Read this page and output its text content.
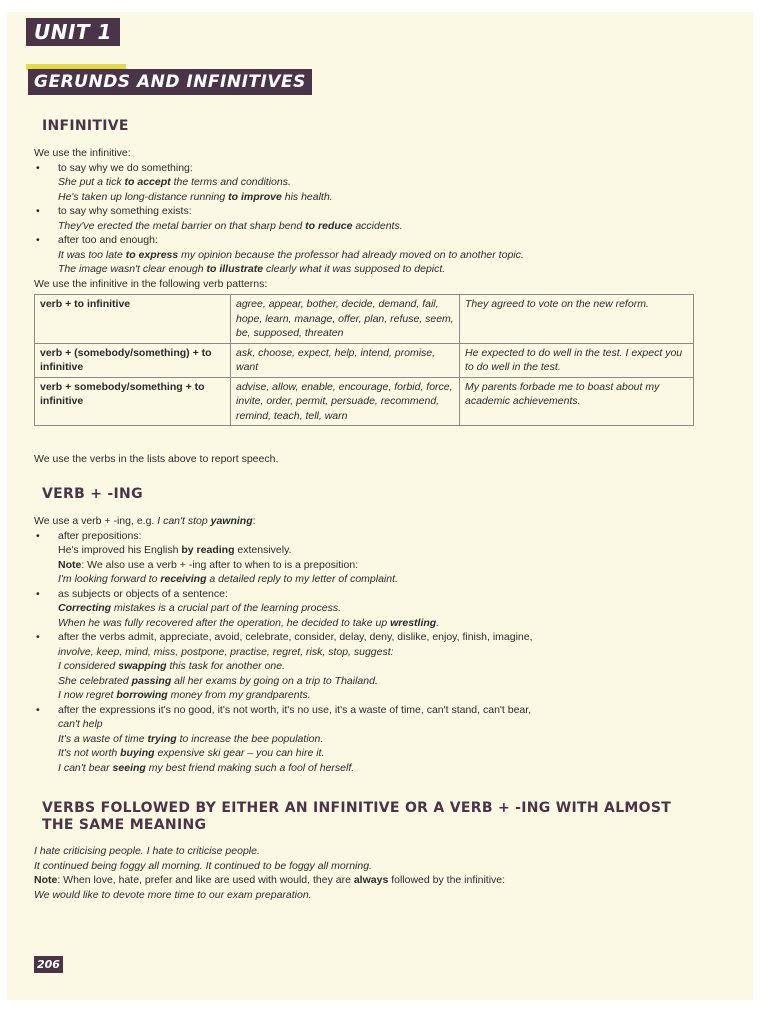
UNIT 1
GERUNDS AND INFINITIVES
INFINITIVE
We use the infinitive:
• to say why we do something:
She put a tick to accept the terms and conditions.
He's taken up long-distance running to improve his health.
• to say why something exists:
They've erected the metal barrier on that sharp bend to reduce accidents.
• after too and enough:
It was too late to express my opinion because the professor had already moved on to another topic.
The image wasn't clear enough to illustrate clearly what it was supposed to depict.
We use the infinitive in the following verb patterns:
verb + to infinitive	agree, appear, bother, decide, demand, fail, hope, learn, manage, offer, plan, refuse, seem, be, supposed, threaten	They agreed to vote on the new reform.
verb + (somebody/something) + to infinitive	ask, choose, expect, help, intend, promise, want	He expected to do well in the test. I expect you to do well in the test.
verb + somebody/something + to infinitive	advise, allow, enable, encourage, forbid, force, invite, order, permit, persuade, recommend, remind, teach, tell, warn	My parents forbade me to boast about my academic achievements.
We use the verbs in the lists above to report speech.
VERB + -ING
We use a verb + -ing, e.g. I can't stop yawning:
• after prepositions:
He's improved his English by reading extensively.
Note: We also use a verb + -ing after to when to is a preposition:
I'm looking forward to receiving a detailed reply to my letter of complaint.
• as subjects or objects of a sentence:
Correcting mistakes is a crucial part of the learning process.
When he was fully recovered after the operation, he decided to take up wrestling.
• after the verbs admit, appreciate, avoid, celebrate, consider, delay, deny, dislike, enjoy, finish, imagine,
involve, keep, mind, miss, postpone, practise, regret, risk, stop, suggest:
I considered swapping this task for another one.
She celebrated passing all her exams by going on a trip to Thailand.
I now regret borrowing money from my grandparents.
• after the expressions it's no good, it's not worth, it's no use, it's a waste of time, can't stand, can't bear,
can't help
It's a waste of time trying to increase the bee population.
It's not worth buying expensive ski gear – you can hire it.
I can't bear seeing my best friend making such a fool of herself.
VERBS FOLLOWED BY EITHER AN INFINITIVE OR A VERB + -ING WITH ALMOST
THE SAME MEANING
I hate criticising people. I hate to criticise people.
It continued being foggy all morning. It continued to be foggy all morning.
Note: When love, hate, prefer and like are used with would, they are always followed by the infinitive:
We would like to devote more time to our exam preparation.
206
